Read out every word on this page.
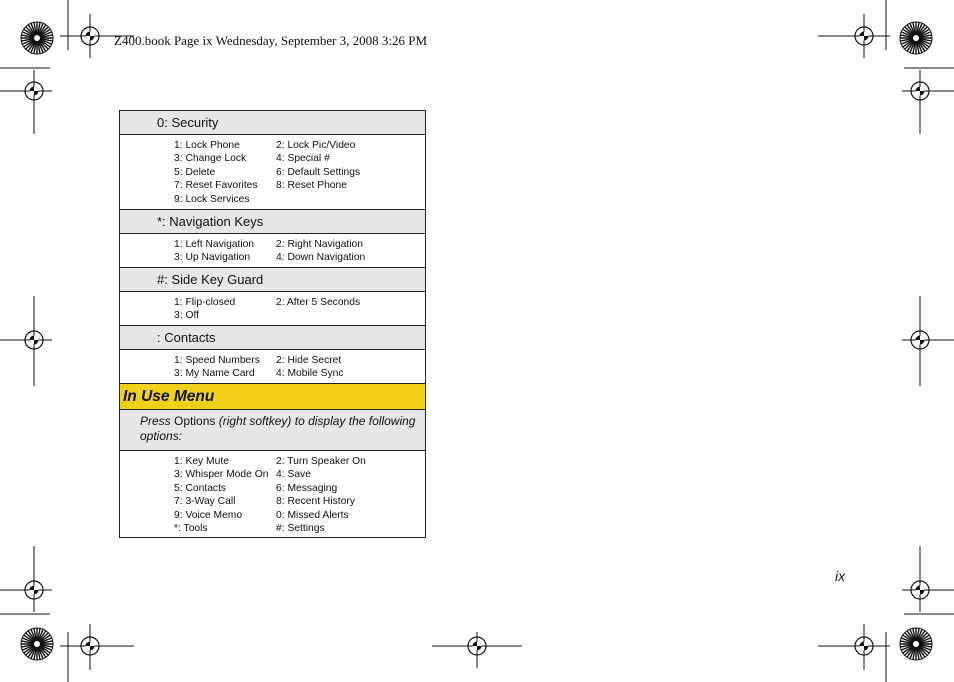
Z400.book Page ix Wednesday, September 3, 2008 3:26 PM
0: Security
1: Lock Phone	2: Lock Pic/Video
3: Change Lock	4: Special #
5: Delete	6: Default Settings
7: Reset Favorites	8: Reset Phone
9: Lock Services
*: Navigation Keys
1: Left Navigation	2: Right Navigation
3: Up Navigation	4: Down Navigation
#: Side Key Guard
1: Flip-closed	2: After 5 Seconds
3: Off
: Contacts
1: Speed Numbers	2: Hide Secret
3: My Name Card	4: Mobile Sync
In Use Menu
Press Options (right softkey) to display the following options:
1: Key Mute	2: Turn Speaker On
3: Whisper Mode On 4: Save
5: Contacts	6: Messaging
7: 3-Way Call	8: Recent History
9: Voice Memo	0: Missed Alerts
*: Tools	#: Settings
ix
